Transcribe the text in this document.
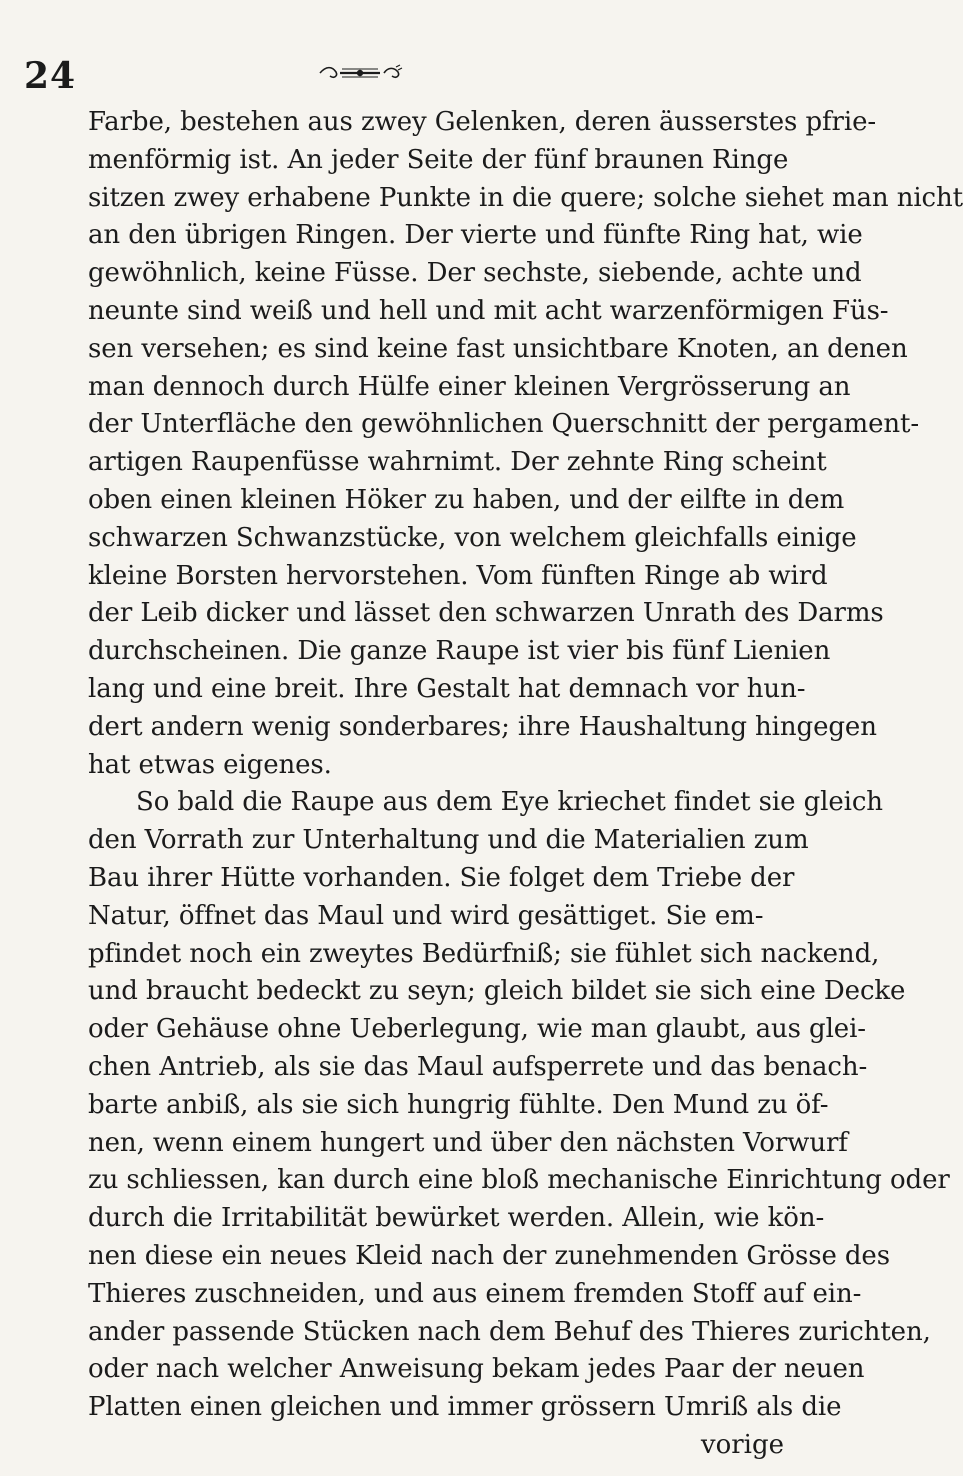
24
Farbe, bestehen aus zwey Gelenken, deren äusserstes pfrie-
menförmig ist. An jeder Seite der fünf braunen Ringe
sitzen zwey erhabene Punkte in die quere; solche siehet man nicht
an den übrigen Ringen. Der vierte und fünfte Ring hat, wie
gewöhnlich, keine Füsse. Der sechste, siebende, achte und
neunte sind weiß und hell und mit acht warzenförmigen Füs-
sen versehen; es sind keine fast unsichtbare Knoten, an denen
man dennoch durch Hülfe einer kleinen Vergrösserung an
der Unterfläche den gewöhnlichen Querschnitt der pergament-
artigen Raupenfüsse wahrnimt. Der zehnte Ring scheint
oben einen kleinen Höker zu haben, und der eilfte in dem
schwarzen Schwanzstücke, von welchem gleichfalls einige
kleine Borsten hervorstehen. Vom fünften Ringe ab wird
der Leib dicker und lässet den schwarzen Unrath des Darms
durchscheinen. Die ganze Raupe ist vier bis fünf Lienien
lang und eine breit. Ihre Gestalt hat demnach vor hun-
dert andern wenig sonderbares; ihre Haushaltung hingegen
hat etwas eigenes.
So bald die Raupe aus dem Eye kriechet findet sie gleich
den Vorrath zur Unterhaltung und die Materialien zum
Bau ihrer Hütte vorhanden. Sie folget dem Triebe der
Natur, öffnet das Maul und wird gesättiget. Sie em-
pfindet noch ein zweytes Bedürfniß; sie fühlet sich nackend,
und braucht bedeckt zu seyn; gleich bildet sie sich eine Decke
oder Gehäuse ohne Ueberlegung, wie man glaubt, aus glei-
chen Antrieb, als sie das Maul aufsperrete und das benach-
barte anbiß, als sie sich hungrig fühlte. Den Mund zu öf-
nen, wenn einem hungert und über den nächsten Vorwurf
zu schliessen, kan durch eine bloß mechanische Einrichtung oder
durch die Irritabilität bewürket werden. Allein, wie kön-
nen diese ein neues Kleid nach der zunehmenden Grösse des
Thieres zuschneiden, und aus einem fremden Stoff auf ein-
ander passende Stücken nach dem Behuf des Thieres zurichten,
oder nach welcher Anweisung bekam jedes Paar der neuen
Platten einen gleichen und immer grössern Umriß als die
vorige
